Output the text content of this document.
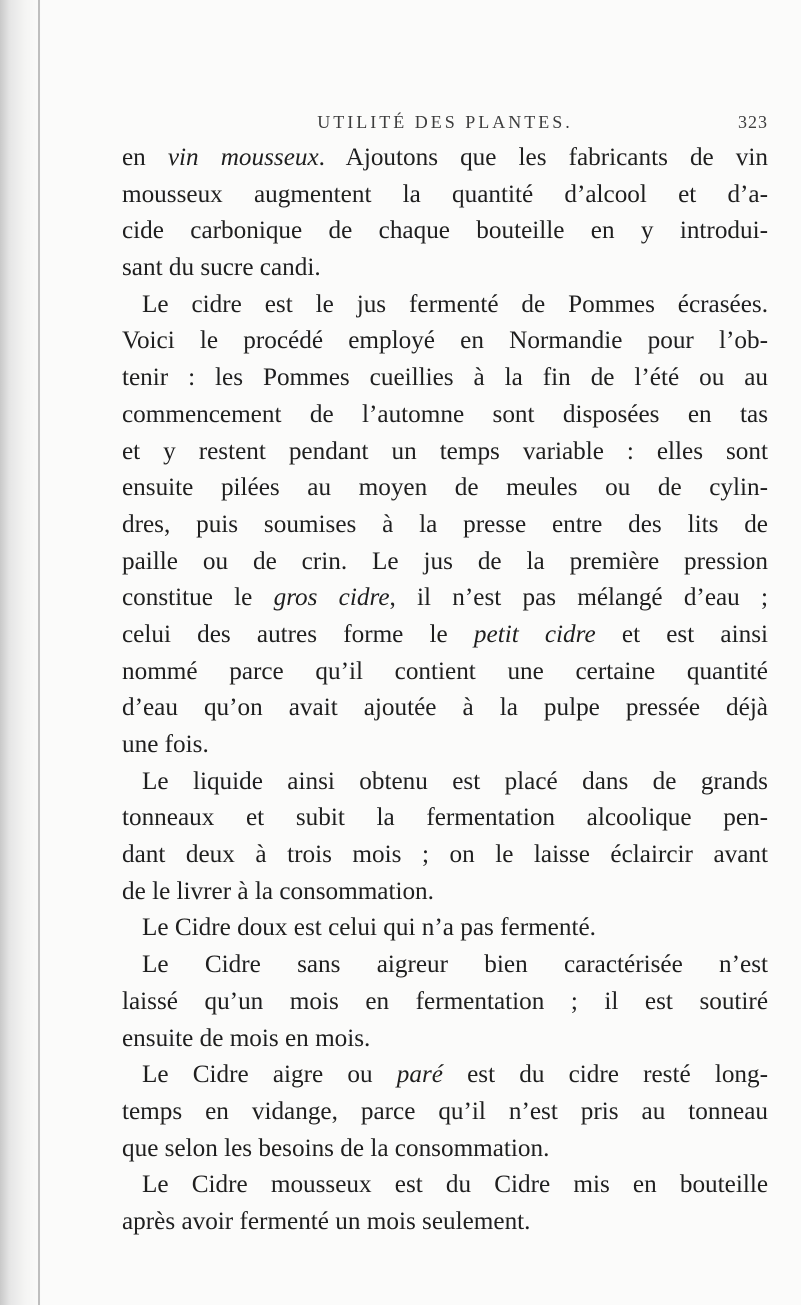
UTILITÉ DES PLANTES.	323
en vin mousseux. Ajoutons que les fabricants de vin
mousseux augmentent la quantité d’alcool et d’a-
cide carbonique de chaque bouteille en y introdui-
sant du sucre candi.
Le cidre est le jus fermenté de Pommes écrasées.
Voici le procédé employé en Normandie pour l’ob-
tenir : les Pommes cueillies à la fin de l’été ou au
commencement de l’automne sont disposées en tas
et y restent pendant un temps variable : elles sont
ensuite pilées au moyen de meules ou de cylin-
dres, puis soumises à la presse entre des lits de
paille ou de crin. Le jus de la première pression
constitue le gros cidre, il n’est pas mélangé d’eau ;
celui des autres forme le petit cidre et est ainsi
nommé parce qu’il contient une certaine quantité
d’eau qu’on avait ajoutée à la pulpe pressée déjà
une fois.
Le liquide ainsi obtenu est placé dans de grands
tonneaux et subit la fermentation alcoolique pen-
dant deux à trois mois ; on le laisse éclaircir avant
de le livrer à la consommation.
Le Cidre doux est celui qui n’a pas fermenté.
Le Cidre sans aigreur bien caractérisée n’est
laissé qu’un mois en fermentation ; il est soutiré
ensuite de mois en mois.
Le Cidre aigre ou paré est du cidre resté long-
temps en vidange, parce qu’il n’est pris au tonneau
que selon les besoins de la consommation.
Le Cidre mousseux est du Cidre mis en bouteille
après avoir fermenté un mois seulement.
